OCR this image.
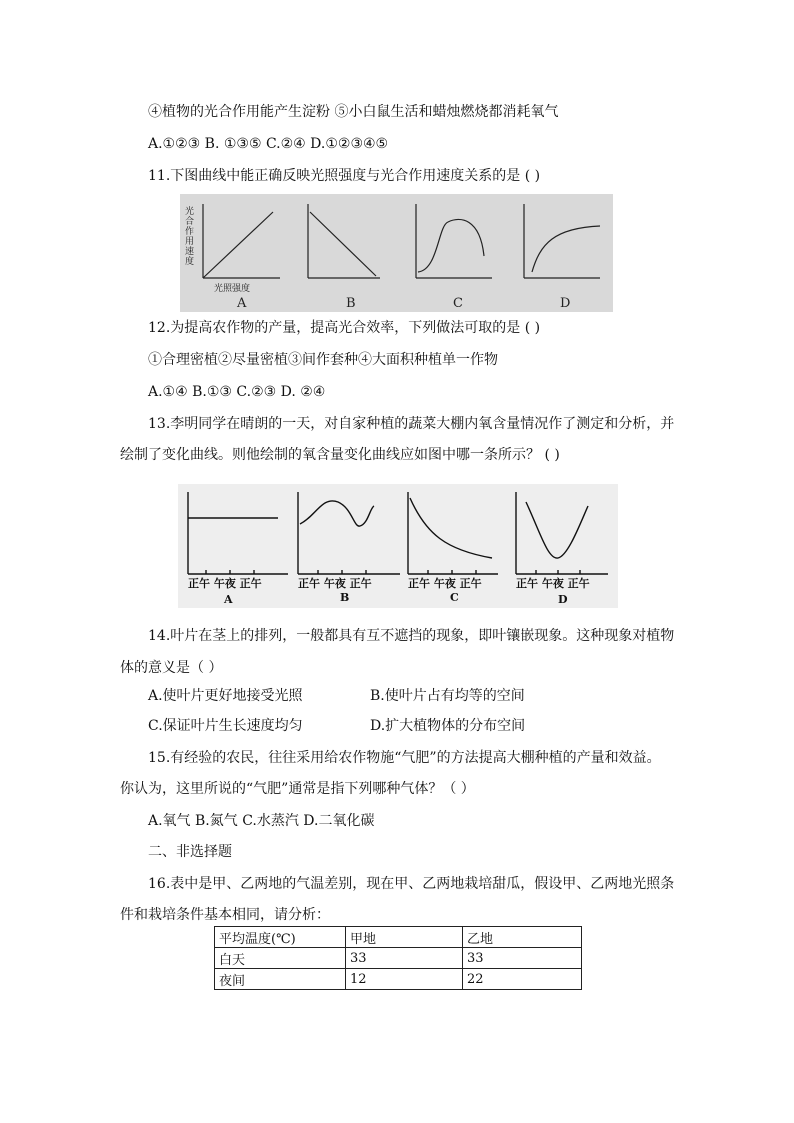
④植物的光合作用能产生淀粉 ⑤小白鼠生活和蜡烛燃烧都消耗氧气
A.①②③ B. ①③⑤ C.②④ D.①②③④⑤
11.下图曲线中能正确反映光照强度与光合作用速度关系的是 ( )
光合作用速度
光照强度
A	B	C	D
12.为提高农作物的产量，提高光合效率，下列做法可取的是 ( )
①合理密植②尽量密植③间作套种④大面积种植单一作物
A.①④ B.①③ C.②③ D. ②④
13.李明同学在晴朗的一天，对自家种植的蔬菜大棚内氧含量情况作了测定和分析，并
绘制了变化曲线。则他绘制的氧含量变化曲线应如图中哪一条所示？ ( )
正午 午夜 正午	正午 午夜 正午	正午 午夜 正午	正午 午夜 正午
A	B	C	D
14.叶片在茎上的排列，一般都具有互不遮挡的现象，即叶镶嵌现象。这种现象对植物
体的意义是（ ）
A.使叶片更好地接受光照	B.使叶片占有均等的空间
C.保证叶片生长速度均匀	D.扩大植物体的分布空间
15.有经验的农民，往往采用给农作物施“气肥”的方法提高大棚种植的产量和效益。
你认为，这里所说的“气肥”通常是指下列哪种气体？（ ）
A.氧气 B.氮气 C.水蒸汽 D.二氧化碳
二、非选择题
16.表中是甲、乙两地的气温差别，现在甲、乙两地栽培甜瓜，假设甲、乙两地光照条
件和栽培条件基本相同，请分析：
平均温度(℃)	甲地	乙地
白天	33	33
夜间	12	22
